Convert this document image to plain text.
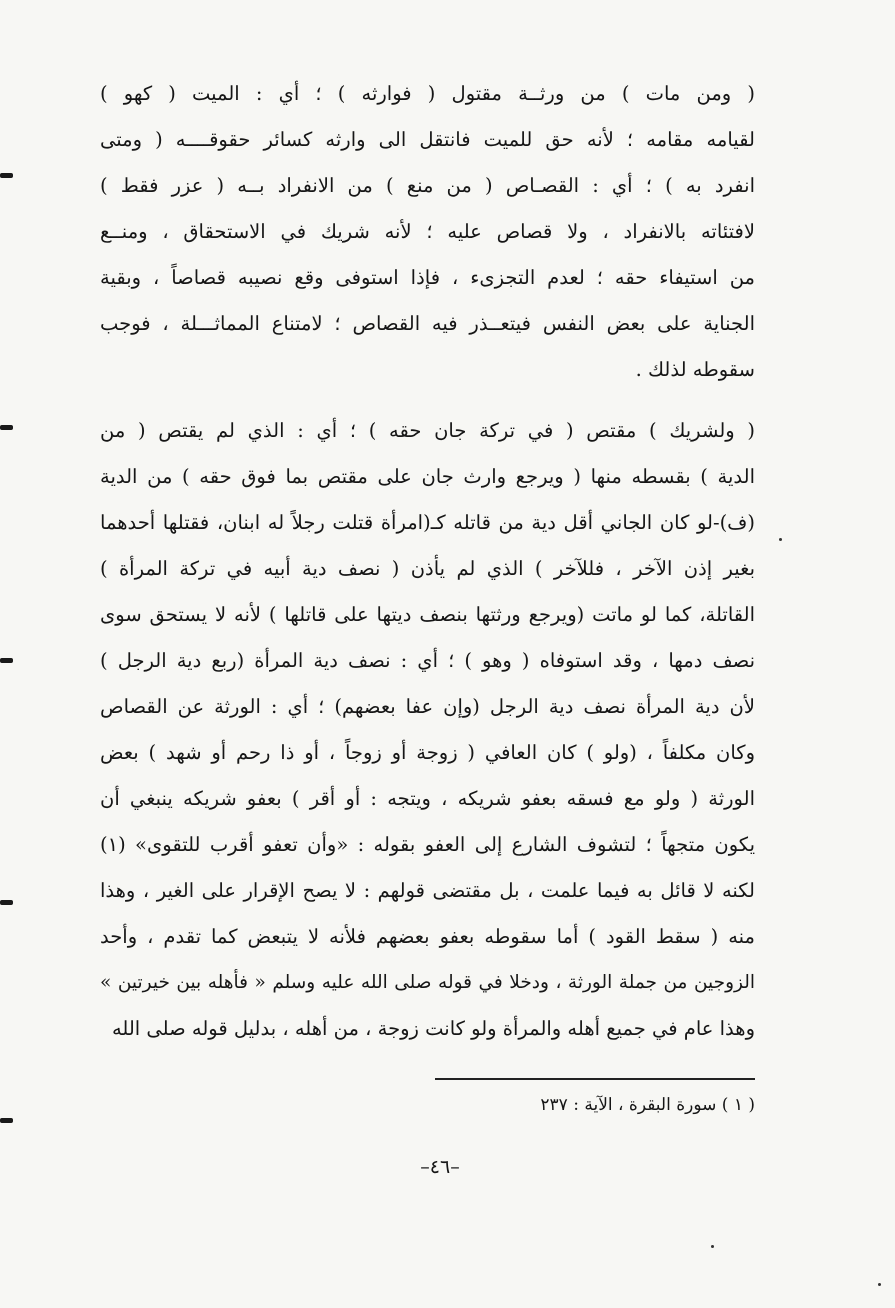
( ومن مات ) من ورثــة مقتول ( فوارثه ) ؛ أي : الميت ( كهو )
لقيامه مقامه ؛ لأنه حق للميت فانتقل الى وارثه كسائر حقوقــــه ( ومتى
انفرد به ) ؛ أي : القصـاص ( من منع ) من الانفراد بــه ( عزر فقط )
لافتئاته بالانفراد ، ولا قصاص عليه ؛ لأنه شريك في الاستحقاق ، ومنــع
من استيفاء حقه ؛ لعدم التجزىء ، فإذا استوفى وقع نصيبه قصاصاً ، وبقية
الجناية على بعض النفس فيتعــذر فيه القصاص ؛ لامتناع المماثـــلة ، فوجب
سقوطه لذلك .
( ولشريك ) مقتص ( في تركة جان حقه ) ؛ أي : الذي لم يقتص ( من
الدية ) بقسطه منها ( ويرجع وارث جان على مقتص بما فوق حقه ) من الدية
(ف)-لو كان الجاني أقل دية من قاتله كـ(امرأة قتلت رجلاً له ابنان، فقتلها أحدهما
بغير إذن الآخر ، فللآخر ) الذي لم يأذن ( نصف دية أبيه في تركة المرأة )
القاتلة، كما لو ماتت (ويرجع ورثتها بنصف ديتها على قاتلها ) لأنه لا يستحق سوى
نصف دمها ، وقد استوفاه ( وهو ) ؛ أي : نصف دية المرأة (ربع دية الرجل )
لأن دية المرأة نصف دية الرجل (وإن عفا بعضهم) ؛ أي : الورثة عن القصاص
وكان مكلفاً ، (ولو ) كان العافي ( زوجة أو زوجاً ، أو ذا رحم أو شهد ) بعض
الورثة ( ولو مع فسقه بعفو شريكه ، ويتجه : أو أقر ) بعفو شريكه ينبغي أن
يكون متجهاً ؛ لتشوف الشارع إلى العفو بقوله : «وأن تعفو أقرب للتقوى» (١)
لكنه لا قائل به فيما علمت ، بل مقتضى قولهم : لا يصح الإقرار على الغير ، وهذا
منه ( سقط القود ) أما سقوطه بعفو بعضهم فلأنه لا يتبعض كما تقدم ، وأحد
الزوجين من جملة الورثة ، ودخلا في قوله صلى الله عليه وسلم « فأهله بين خيرتين »
وهذا عام في جميع أهله والمرأة ولو كانت زوجة ، من أهله ، بدليل قوله صلى الله
( ١ ) سورة البقرة ، الآية : ٢٣٧
–٤٦–
